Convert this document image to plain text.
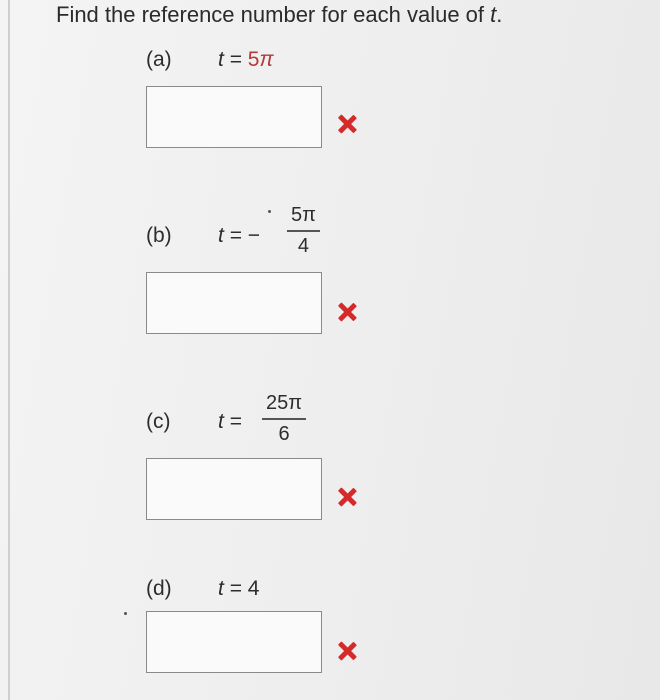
Find the reference number for each value of t.
(a) t = 5π
(b) t = −
5π
4
(c) t =
25π
6
(d) t = 4
